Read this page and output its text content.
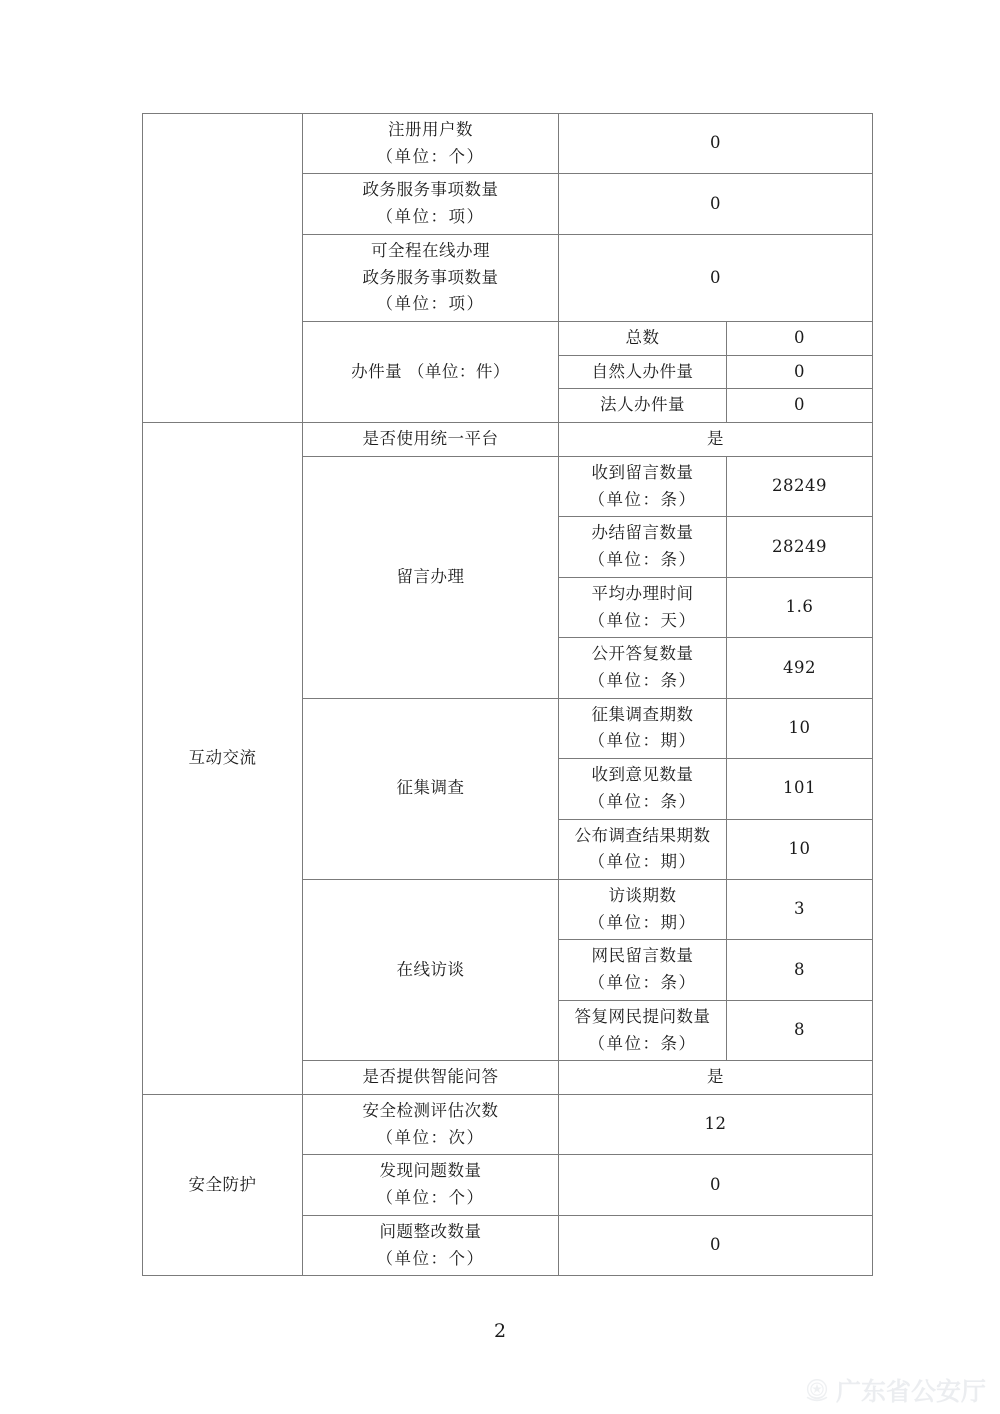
	注册用户数
（单位：个）	0	

	政务服务事项数量
（单位：项）	0	

	可全程在线办理
政务服务事项数量
（单位：项）	0	
	办件量 （单位：件）	总数	0
		自然人办件量	0
		法人办件量	0
互动交流	是否使用统一平台	是	
	留言办理	收到留言数量
（单位：条）	28249

		办结留言数量
（单位：条）	28249

		平均办理时间
（单位：天）	1.6

		公开答复数量
（单位：条）	492
	征集调查	征集调查期数
（单位：期）	10

		收到意见数量
（单位：条）	101

		公布调查结果期数
（单位：期）	10
	在线访谈	访谈期数
（单位：期）	3

		网民留言数量
（单位：条）	8

		答复网民提问数量
（单位：条）	8
	是否提供智能问答	是	
安全防护	安全检测评估次数
（单位：次）	12	

	发现问题数量
（单位：个）	0	

	问题整改数量
（单位：个）	0	
2
广东省公安厅
